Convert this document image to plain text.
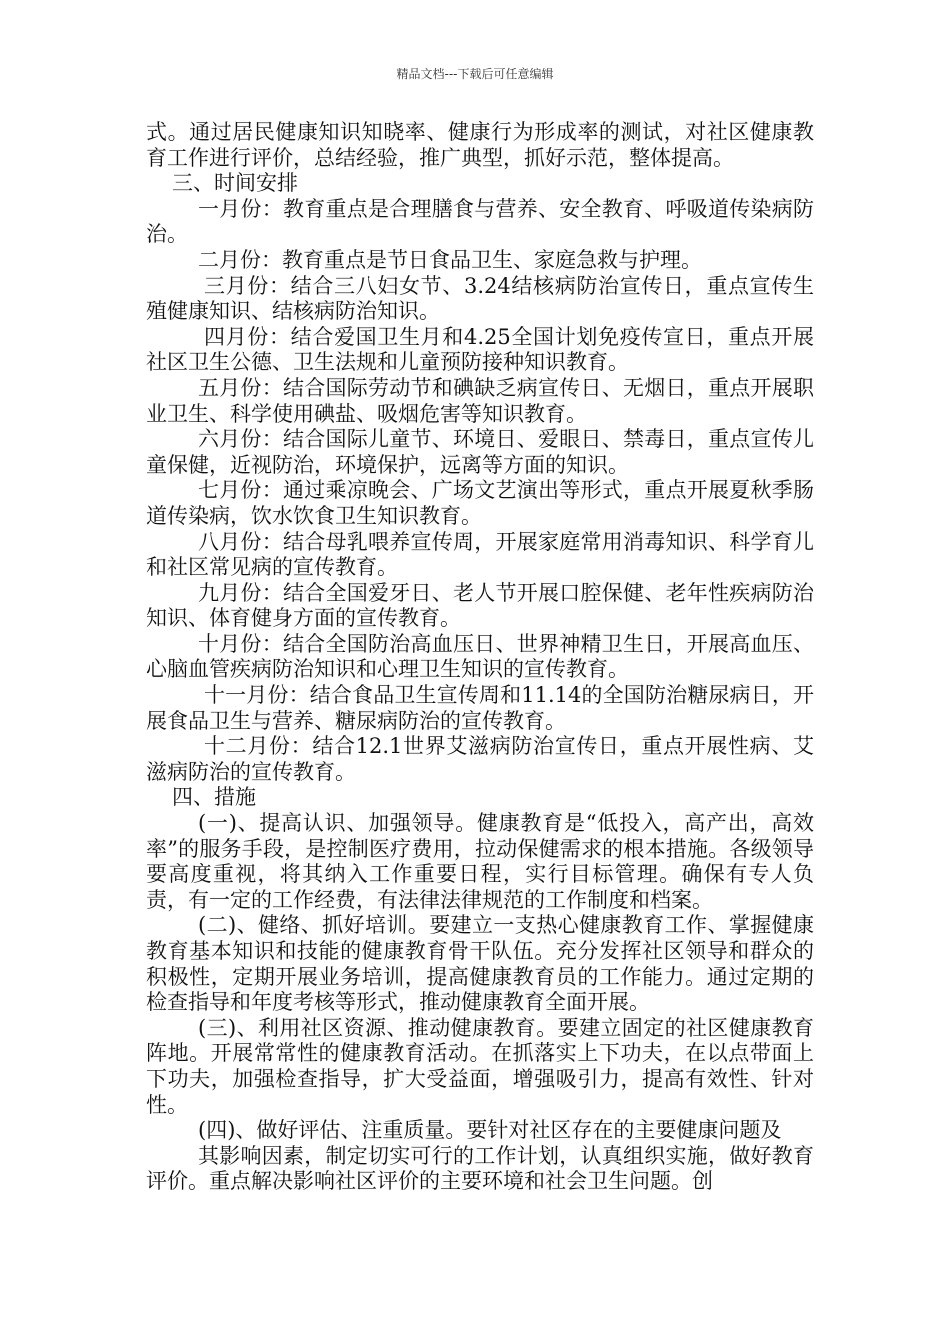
精品文档---下载后可任意编辑

式。通过居民健康知识知晓率、健康行为形成率的测试，对社区健康教育工作进行评价，总结经验，推广典型，抓好示范，整体提高。

三、时间安排

一月份：教育重点是合理膳食与营养、安全教育、呼吸道传染病防治。

二月份：教育重点是节日食品卫生、家庭急救与护理。

三月份：结合三八妇女节、3.24结核病防治宣传日，重点宣传生殖健康知识、结核病防治知识。

四月份：结合爱国卫生月和4.25全国计划免疫传宣日，重点开展社区卫生公德、卫生法规和儿童预防接种知识教育。

五月份：结合国际劳动节和碘缺乏病宣传日、无烟日，重点开展职业卫生、科学使用碘盐、吸烟危害等知识教育。

六月份：结合国际儿童节、环境日、爱眼日、禁毒日，重点宣传儿童保健，近视防治，环境保护，远离等方面的知识。

七月份：通过乘凉晚会、广场文艺演出等形式，重点开展夏秋季肠道传染病，饮水饮食卫生知识教育。

八月份：结合母乳喂养宣传周，开展家庭常用消毒知识、科学育儿和社区常见病的宣传教育。

九月份：结合全国爱牙日、老人节开展口腔保健、老年性疾病防治知识、体育健身方面的宣传教育。

十月份：结合全国防治高血压日、世界神精卫生日，开展高血压、心脑血管疾病防治知识和心理卫生知识的宣传教育。

十一月份：结合食品卫生宣传周和11.14的全国防治糖尿病日，开展食品卫生与营养、糖尿病防治的宣传教育。

十二月份：结合12.1世界艾滋病防治宣传日，重点开展性病、艾滋病防治的宣传教育。

四、措施

(一)、提高认识、加强领导。健康教育是“低投入，高产出，高效率”的服务手段，是控制医疗费用，拉动保健需求的根本措施。各级领导要高度重视，将其纳入工作重要日程，实行目标管理。确保有专人负责，有一定的工作经费，有法律法律规范的工作制度和档案。

(二)、健络、抓好培训。要建立一支热心健康教育工作、掌握健康教育基本知识和技能的健康教育骨干队伍。充分发挥社区领导和群众的积极性，定期开展业务培训，提高健康教育员的工作能力。通过定期的检查指导和年度考核等形式，推动健康教育全面开展。

(三)、利用社区资源、推动健康教育。要建立固定的社区健康教育阵地。开展常常性的健康教育活动。在抓落实上下功夫，在以点带面上下功夫，加强检查指导，扩大受益面，增强吸引力，提高有效性、针对性。

(四)、做好评估、注重质量。要针对社区存在的主要健康问题及

其影响因素，制定切实可行的工作计划，认真组织实施，做好教育评价。重点解决影响社区评价的主要环境和社会卫生问题。创
